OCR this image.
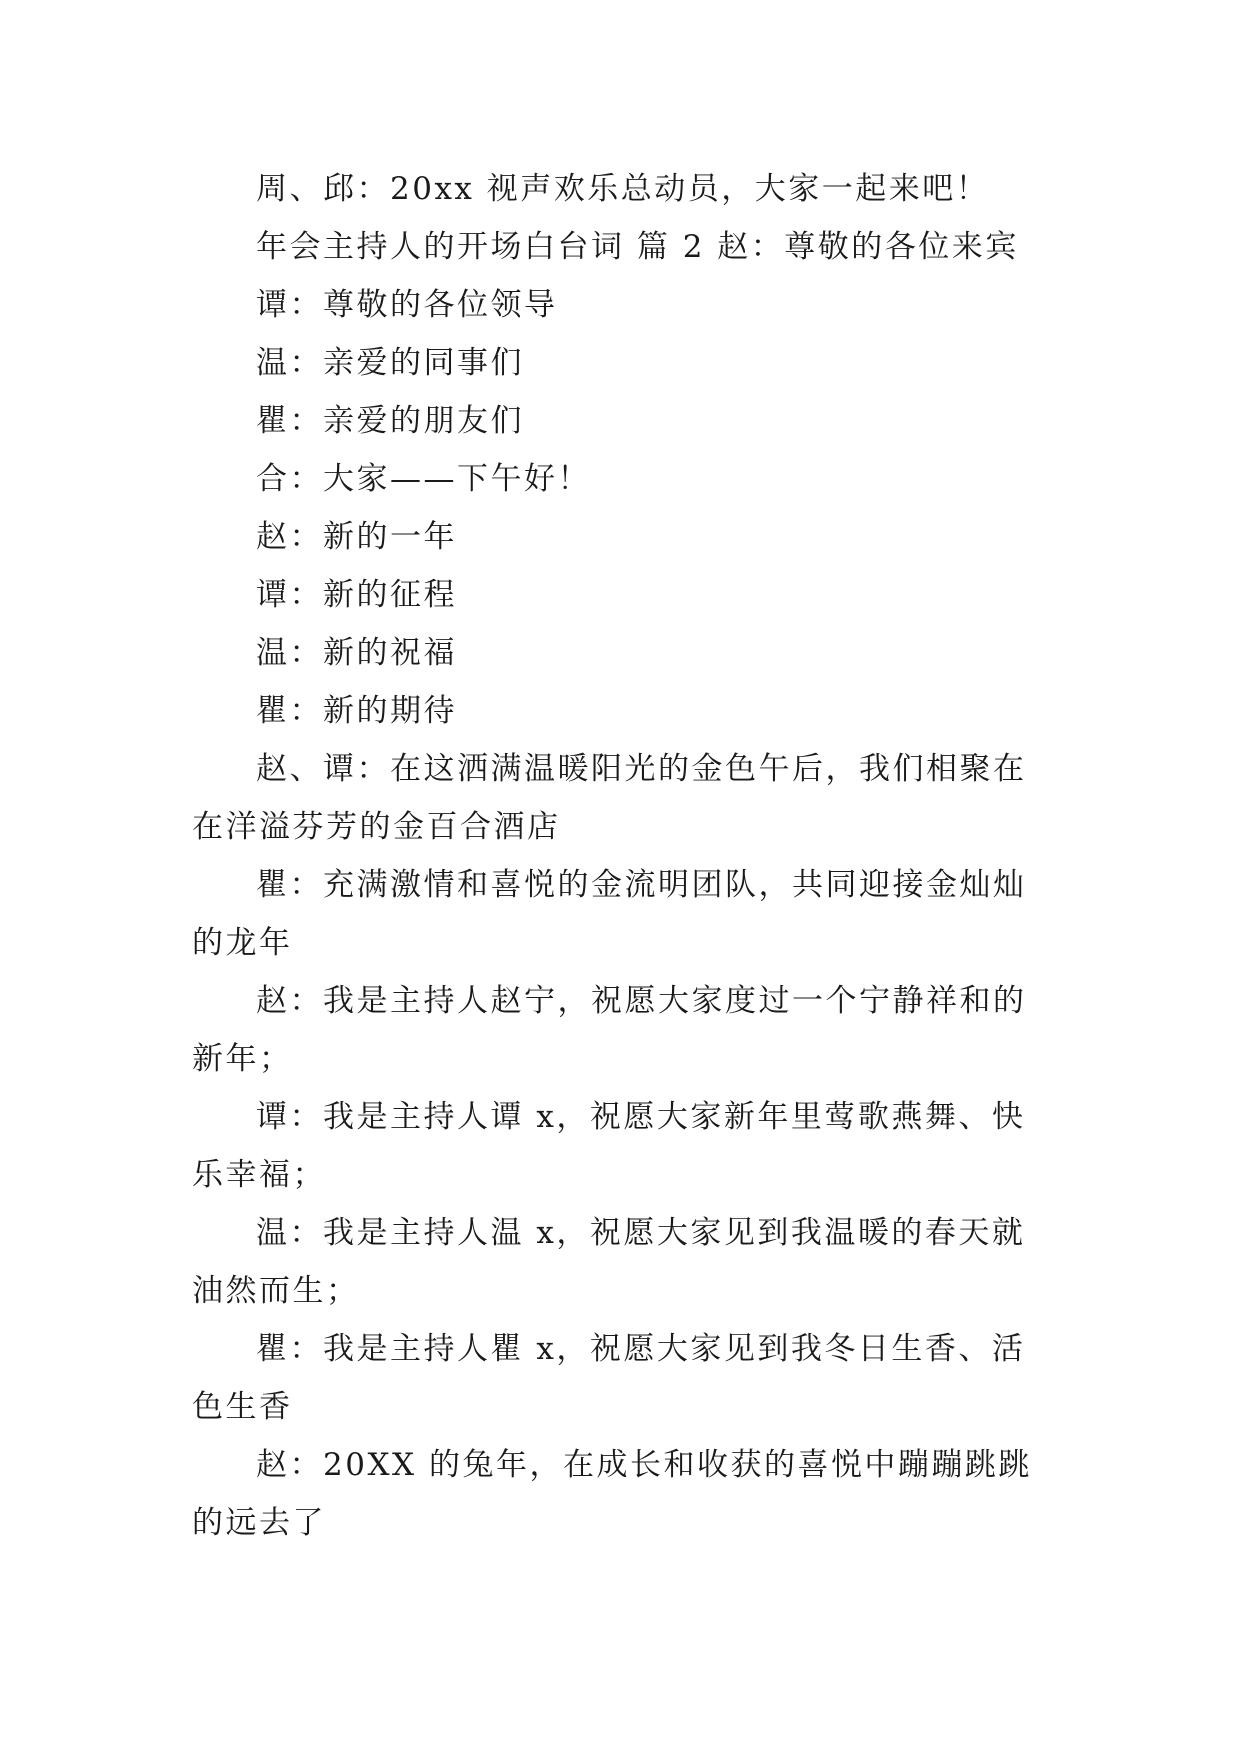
周、邱：20xx 视声欢乐总动员，大家一起来吧！

年会主持人的开场白台词 篇 2 赵：尊敬的各位来宾

谭：尊敬的各位领导

温：亲爱的同事们

瞿：亲爱的朋友们

合：大家——下午好！

赵：新的一年

谭：新的征程

温：新的祝福

瞿：新的期待

赵、谭：在这洒满温暖阳光的金色午后，我们相聚在在洋溢芬芳的金百合酒店

瞿：充满激情和喜悦的金流明团队，共同迎接金灿灿的龙年

赵：我是主持人赵宁，祝愿大家度过一个宁静祥和的新年；

谭：我是主持人谭 x，祝愿大家新年里莺歌燕舞、快乐幸福；

温：我是主持人温 x，祝愿大家见到我温暖的春天就油然而生；

瞿：我是主持人瞿 x，祝愿大家见到我冬日生香、活色生香

赵：20XX 的兔年，在成长和收获的喜悦中蹦蹦跳跳的远去了
